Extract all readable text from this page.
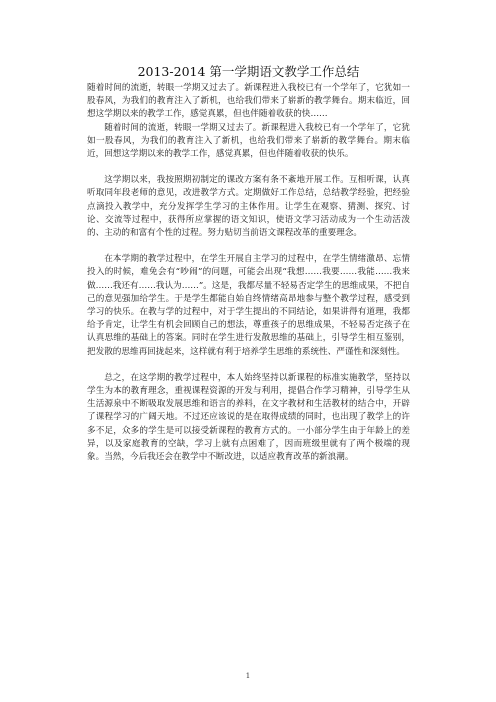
2013-2014 第一学期语文教学工作总结

随着时间的流逝，转眼一学期又过去了。新课程进入我校已有一个学年了，它犹如一股春风，为我们的教育注入了新机，也给我们带来了崭新的教学舞台。期末临近，回想这学期以来的教学工作，感觉真累，但也伴随着收获的快……

随着时间的流逝，转眼一学期又过去了。新课程进入我校已有一个学年了，它犹如一股春风，为我们的教育注入了新机，也给我们带来了崭新的教学舞台。期末临近，回想这学期以来的教学工作，感觉真累，但也伴随着收获的快乐。

这学期以来，我按照期初制定的课改方案有条不紊地开展工作。互相听课，认真听取同年段老师的意见，改进教学方式。定期做好工作总结，总结教学经验，把经验点滴投入教学中，充分发挥学生学习的主体作用。让学生在观察、猜测、探究、讨论、交流等过程中，获得所应掌握的语文知识，使语文学习活动成为一个生动活泼的、主动的和富有个性的过程。努力贴切当前语文课程改革的重要理念。

在本学期的教学过程中，在学生开展自主学习的过程中，在学生情绪激昂、忘情投入的时候，难免会有“吵闹”的问题，可能会出现“我想……我要……我能……我来做……我还有……我认为……”。这是，我都尽量不轻易否定学生的思维成果，不把自己的意见强加给学生。于是学生都能自始自终情绪高昂地参与整个教学过程，感受到学习的快乐。在教与学的过程中，对于学生提出的不同结论，如果讲得有道理，我都给予肯定，让学生有机会回顾自己的想法，尊重孩子的思维成果，不轻易否定孩子在认真思维的基础上的答案。同时在学生进行发散思维的基础上，引导学生相互鉴别，把发散的思维再回拢起来，这样就有利于培养学生思维的系统性、严谨性和深刻性。

总之，在这学期的教学过程中，本人始终坚持以新课程的标准实施教学，坚持以学生为本的教育理念，重视课程资源的开发与利用，提倡合作学习精神，引导学生从生活源泉中不断吸取发展思维和语言的养料，在文字教材和生活教材的结合中，开辟了课程学习的广阔天地。不过还应该说的是在取得成绩的同时，也出现了教学上的许多不足，众多的学生是可以接受新课程的教育方式的。一小部分学生由于年龄上的差异，以及家庭教育的空缺，学习上就有点困难了，因而班级里就有了两个极端的现象。当然，今后我还会在教学中不断改进，以适应教育改革的新浪潮。

1
